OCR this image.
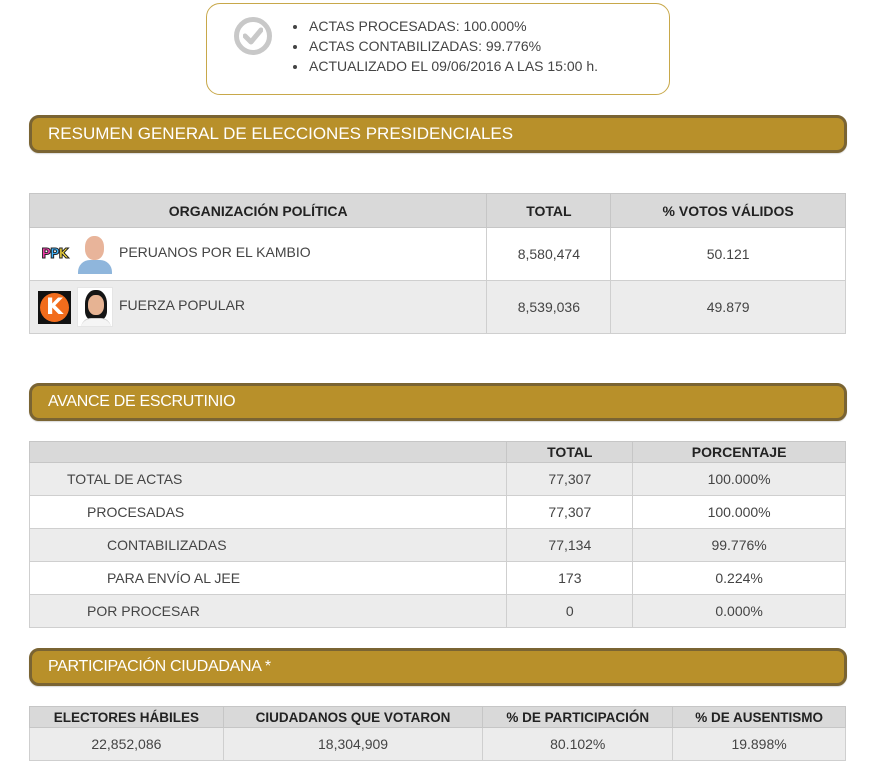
ACTAS PROCESADAS: 100.000%
ACTAS CONTABILIZADAS: 99.776%
ACTUALIZADO EL 09/06/2016 A LAS 15:00 h.
RESUMEN GENERAL DE ELECCIONES PRESIDENCIALES
ORGANIZACIÓN POLÍTICA	TOTAL	% VOTOS VÁLIDOS

PPK PERUANOS POR EL KAMBIO	8,580,474	50.121

K FUERZA POPULAR	8,539,036	49.879
AVANCE DE ESCRUTINIO
	TOTAL	PORCENTAJE
TOTAL DE ACTAS	77,307	100.000%
PROCESADAS	77,307	100.000%
CONTABILIZADAS	77,134	99.776%
PARA ENVÍO AL JEE	173	0.224%
POR PROCESAR	0	0.000%
PARTICIPACIÓN CIUDADANA *
ELECTORES HÁBILES	CIUDADANOS QUE VOTARON	% DE PARTICIPACIÓN	% DE AUSENTISMO
22,852,086	18,304,909	80.102%	19.898%
